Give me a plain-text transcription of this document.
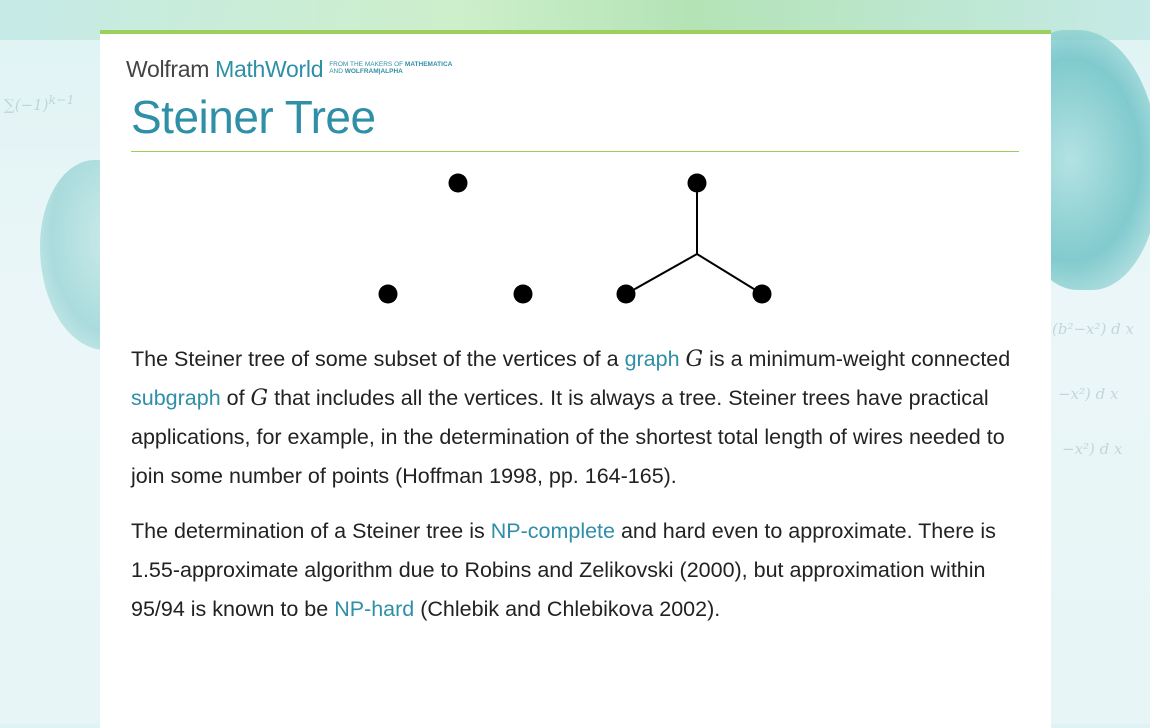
$\sum(-1)^{k-1}$
(b²−x²) d x
−x²) d x
−x²) d x
Wolfram MathWorld FROM THE MAKERS OF MATHEMATICA
AND WOLFRAM|ALPHA
Steiner Tree

The Steiner tree of some subset of the vertices of a graph G is a minimum-weight connected subgraph of G that includes all the vertices. It is always a tree. Steiner trees have practical applications, for example, in the determination of the shortest total length of wires needed to join some number of points (Hoffman 1998, pp. 164-165).

The determination of a Steiner tree is NP-complete and hard even to approximate. There is 1.55-approximate algorithm due to Robins and Zelikovski (2000), but approximation within 95/94 is known to be NP-hard (Chlebik and Chlebikova 2002).
